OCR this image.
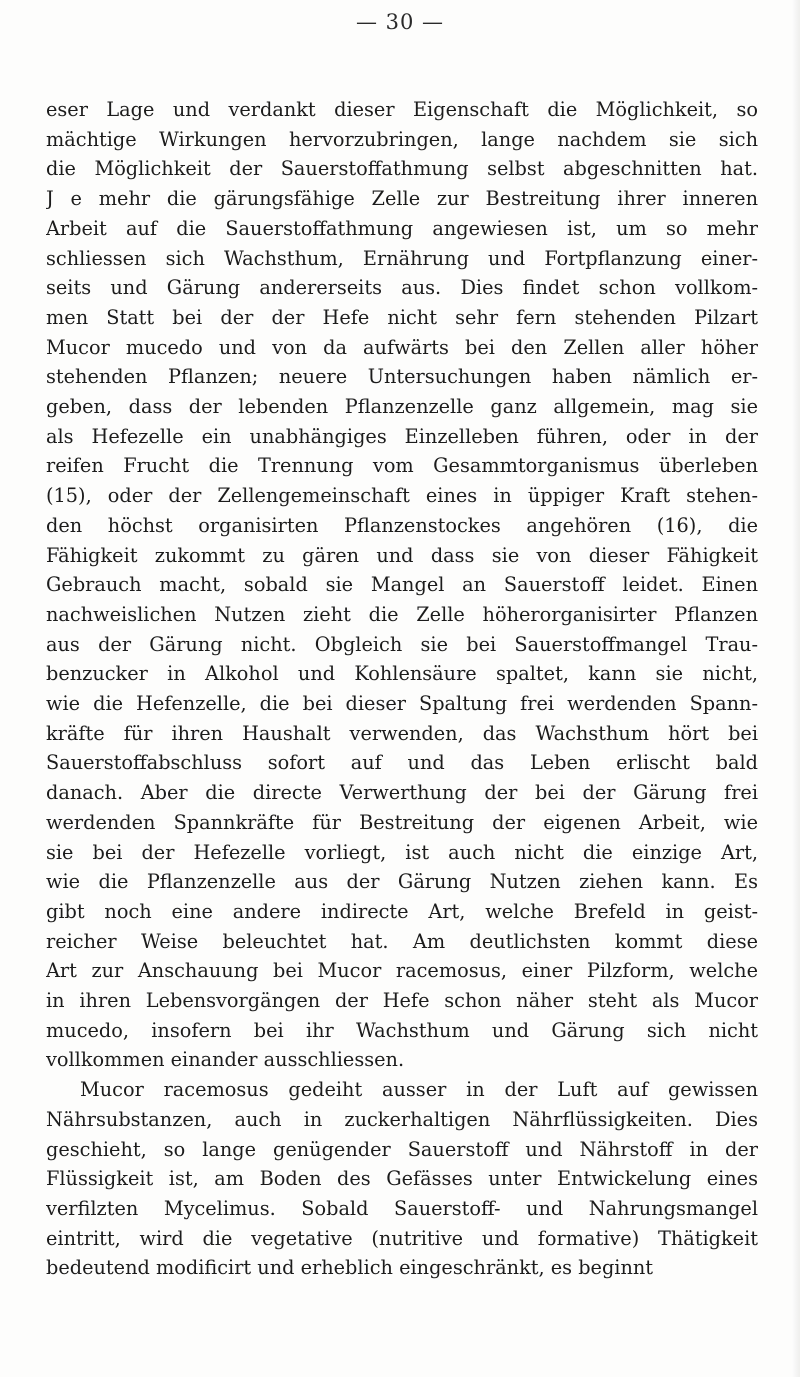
— 30 —
eser Lage und verdankt dieser Eigenschaft die Möglichkeit, so
mächtige Wirkungen hervorzubringen, lange nachdem sie sich
die Möglichkeit der Sauerstoffathmung selbst abgeschnitten hat.
J e mehr die gärungsfähige Zelle zur Bestreitung ihrer inneren
Arbeit auf die Sauerstoffathmung angewiesen ist, um so mehr
schliessen sich Wachsthum, Ernährung und Fortpflanzung einer-
seits und Gärung andererseits aus. Dies findet schon vollkom-
men Statt bei der der Hefe nicht sehr fern stehenden Pilzart
Mucor mucedo und von da aufwärts bei den Zellen aller höher
stehenden Pflanzen; neuere Untersuchungen haben nämlich er-
geben, dass der lebenden Pflanzenzelle ganz allgemein, mag sie
als Hefezelle ein unabhängiges Einzelleben führen, oder in der
reifen Frucht die Trennung vom Gesammtorganismus überleben
(15), oder der Zellengemeinschaft eines in üppiger Kraft stehen-
den höchst organisirten Pflanzenstockes angehören (16), die
Fähigkeit zukommt zu gären und dass sie von dieser Fähigkeit
Gebrauch macht, sobald sie Mangel an Sauerstoff leidet. Einen
nachweislichen Nutzen zieht die Zelle höherorganisirter Pflanzen
aus der Gärung nicht. Obgleich sie bei Sauerstoffmangel Trau-
benzucker in Alkohol und Kohlensäure spaltet, kann sie nicht,
wie die Hefenzelle, die bei dieser Spaltung frei werdenden Spann-
kräfte für ihren Haushalt verwenden, das Wachsthum hört bei
Sauerstoffabschluss sofort auf und das Leben erlischt bald
danach. Aber die directe Verwerthung der bei der Gärung frei
werdenden Spannkräfte für Bestreitung der eigenen Arbeit, wie
sie bei der Hefezelle vorliegt, ist auch nicht die einzige Art,
wie die Pflanzenzelle aus der Gärung Nutzen ziehen kann. Es
gibt noch eine andere indirecte Art, welche Brefeld in geist-
reicher Weise beleuchtet hat. Am deutlichsten kommt diese
Art zur Anschauung bei Mucor racemosus, einer Pilzform, welche
in ihren Lebensvorgängen der Hefe schon näher steht als Mucor
mucedo, insofern bei ihr Wachsthum und Gärung sich nicht
vollkommen einander ausschliessen.
Mucor racemosus gedeiht ausser in der Luft auf gewissen
Nährsubstanzen, auch in zuckerhaltigen Nährflüssigkeiten. Dies
geschieht, so lange genügender Sauerstoff und Nährstoff in der
Flüssigkeit ist, am Boden des Gefässes unter Entwickelung eines
verfilzten Mycelimus. Sobald Sauerstoff- und Nahrungsmangel
eintritt, wird die vegetative (nutritive und formative) Thätigkeit
bedeutend modificirt und erheblich eingeschränkt, es beginnt
